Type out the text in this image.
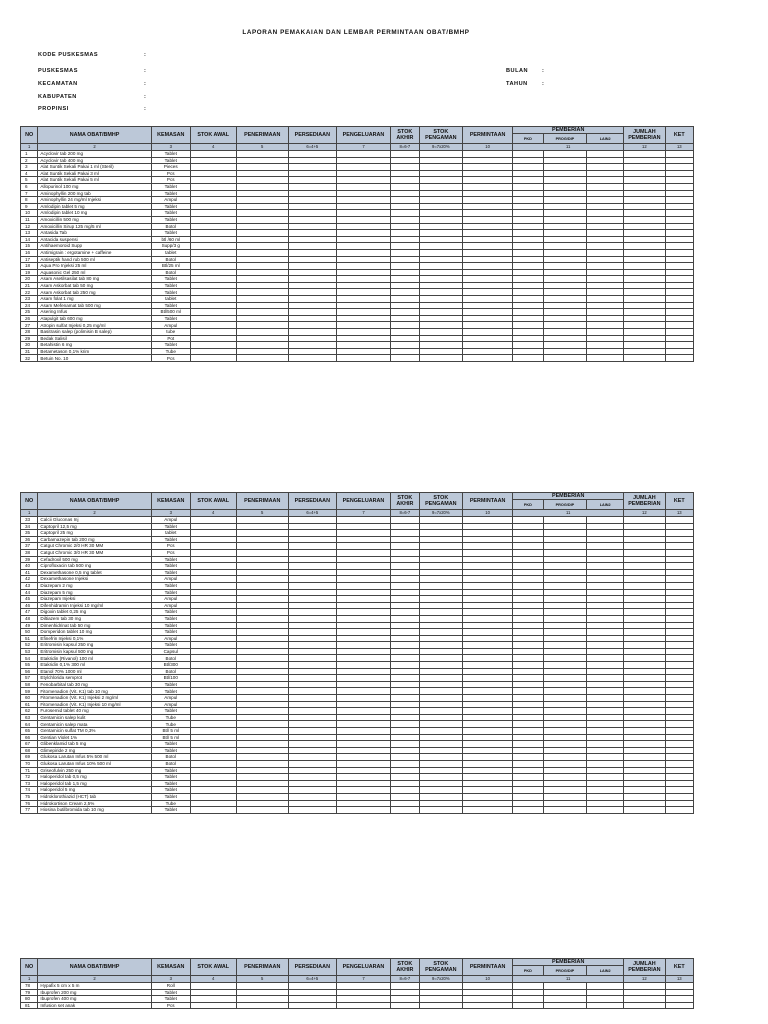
LAPORAN PEMAKAIAN DAN LEMBAR PERMINTAAN OBAT/BMHP
KODE PUSKESMAS	:
PUSKESMAS	:
KECAMATAN	:
KABUPATEN	:
PROPINSI	:
BULAN	:
TAHUN	:
NO	NAMA OBAT/BMHP	KEMASAN	STOK AWAL	PENERIMAAN	PERSEDIAAN	PENGELUARAN	STOK AKHIR	STOK PENGAMAN	PERMINTAAN	PEMBERIAN			JUMLAH PEMBERIAN	KET
										PKD	PROG/DIP	LAIN2		
1	2	3	4	5	6=4+5	7	8=6-7	9=7x20%	10	11			12	13
1	Acyclovir tab 200 mg	Tablet												
2	Acyclovir tab 400 mg	Tablet												
3	Alat Suntik Sekali Pakai 1 ml (Steril)	Pieces												
4	Alat Suntik Sekali Pakai 3 ml	Pcs												
5	Alat Suntik Sekali Pakai 5 ml	Pcs												
6	Allopurinol 100 mg	Tablet												
7	Aminophyllin 200 mg tab	Tablet												
8	Aminophyllin 24 mg/ml Injeksi	Ampul												
9	Amlodipin tablet 5 mg	Tablet												
10	Amlodipin tablet 10 mg	Tablet												
11	Amoxicillin 500 mg	Tablet												
12	Amoxicillin Sirup 125 mg/5 ml	Botol												
13	Antasida Tab	Tablet												
14	Antacida suspensi	btl /60 ml												
15	Antihaemoroid Supp	Supp/3 g												
16	Antimigrain : ergotamine + caffeine	tablet												
17	Antiseptik hand rub 500 ml	Botol												
18	Aqua Pro Injeksi 25 ml	Btl/25 ml												
19	Aquasonic Gel 250 ml	Botol												
20	Asam Asetilsasilat tab 80 mg	Tablet												
21	Asam Askorbat tab 50 mg	Tablet												
22	Asam Askorbat tab 250 mg	Tablet												
23	Asam folat 1 mg	tablet												
24	Asam Mefenamat tab 500 mg	Tablet												
25	Asering Infus	Btl/500 ml												
26	Atapulgit tab 600 mg	Tablet												
27	Atropin sulfat Injeksi 0,25 mg/ml	Ampul												
28	Basitrasin salep (polimisin B salep)	tube												
29	Bedak Salisil	Pot												
30	Betahistin 6 mg	Tablet												
31	Betametason 0,1% krim	Tube												
32	Betuin No. 10	Pcs												
NO	NAMA OBAT/BMHP	KEMASAN	STOK AWAL	PENERIMAAN	PERSEDIAAN	PENGELUARAN	STOK AKHIR	STOK PENGAMAN	PERMINTAAN	PEMBERIAN			JUMLAH PEMBERIAN	KET
										PKD	PROG/DIP	LAIN2		
1	2	3	4	5	6=4+5	7	8=6-7	9=7x20%	10	11			12	13
33	Calcii Gluconas Inj	Ampul												
34	Captopril 12,5 mg	Tablet												
35	Captopril 25 mg	tablet												
36	Carbamazepin tab 200 mg	Tablet												
37	Catgut Chromic 2/0 HR 30 MM	Pcs												
38	Catgut Chromic 3/0 HR 30 MM	Pcs												
39	Cefadroxil 500 mg	Tablet												
40	Ciprofloxacin tab 500 mg	Tablet												
41	Dexamethasone 0,5 mg tablet	Tablet												
42	Dexamethasone Injeksi	Ampul												
43	Diazepam 2 mg	Tablet												
44	Diazepam 5 mg	Tablet												
45	Diazepam Injeksi	Ampul												
46	Difenhidramin Injeksi 10 mg/ml	Ampul												
47	Digoxin tablet 0,25 mg	Tablet												
48	Diltiazem tab 30 mg	Tablet												
49	Dimenhidrinat tab 50 mg	Tablet												
50	Domperidon tablet 10 mg	Tablet												
51	Efinefrin Injeksi 0,1%	Ampul												
52	Eritromisin kapsul 250 mg	Tablet												
53	Eritromisin kapsul 500 mg	Capsul												
54	Etakridin (Rivanol) 100 ml	Botol												
55	Etakridin 0,1% 300 ml	Btl/300												
56	Etanol 70% 1000 ml	Botol												
57	Etylchlorida semprot	Btl/100												
58	Fenobarbital tab 30 mg	Tablet												
59	Fitomenadion (Vit. K1) tab 10 mg	Tablet												
60	Fitomenadion (Vit. K1) Injeksi 2 mg/ml	Ampul												
61	Fitomenadion (Vit. K1) Injeksi 10 mg/ml	Ampul												
62	Furosemid tablet 40 mg	Tablet												
63	Gentamicin salep kulit	Tube												
64	Gentamicin salep mata	Tube												
65	Gentamicin sulfat TM 0,3%	Btl/ 5 ml												
66	Gentian Violet 1%	Btl/ 5 ml												
67	Glibenklamid tab 5 mg	Tablet												
68	Glimepiride 2 mg	Tablet												
69	Glukosa Larutan Infus 5% 500 ml	Botol												
70	Glukosa Larutan Infus 10% 500 ml	Botol												
71	Griseofulvin 250 mg	Tablet												
72	Haloperidol tab 0,5 mg	Tablet												
73	Haloperidol tab 1,5 mg	Tablet												
74	Haloperidol 5 mg	Tablet												
75	Hidroklorothiazid (HCT) tab	Tablet												
76	Hidrokortison Cream 2,5%	Tube												
77	Hiosina butilbromida tab 10 mg	Tablet												
NO	NAMA OBAT/BMHP	KEMASAN	STOK AWAL	PENERIMAAN	PERSEDIAAN	PENGELUARAN	STOK AKHIR	STOK PENGAMAN	PERMINTAAN	PEMBERIAN			JUMLAH PEMBERIAN	KET
										PKD	PROG/DIP	LAIN2		
1	2	3	4	5	6=4+5	7	8=6-7	9=7x20%	10	11			12	13
78	Hypafix 5 cm x 5 m	Roll												
79	Ibuprofen 200 mg	Tablet												
80	Ibuprofen 400 mg	Tablet												
81	Infusion set anak	Pcs												
